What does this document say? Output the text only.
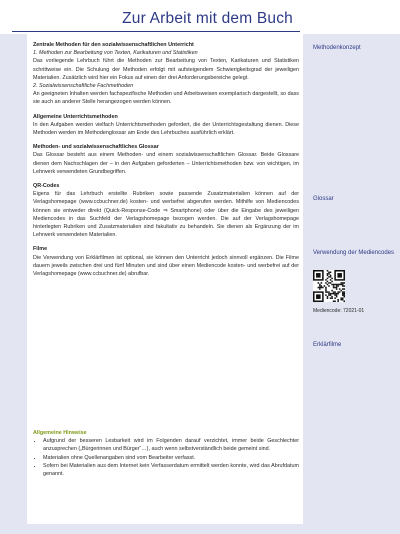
Zur Arbeit mit dem Buch
Zentrale Methoden für den sozialwissenschaftlichen Unterricht

1. Methoden zur Bearbeitung von Texten, Karikaturen und Statistiken

Das vorliegende Lehrbuch führt die Methoden zur Bearbeitung von Texten, Karikaturen und Statistiken schrittweise ein. Die Schulung der Methoden erfolgt mit aufsteigendem Schwierigkeitsgrad der jeweiligen Materialien. Zusätzlich wird hier ein Fokus auf einen der drei Anforderungsbereiche gelegt.

2. Sozialwissenschaftliche Fachmethoden

An geeigneten Inhalten werden fachspezifische Methoden und Arbeitsweisen exemplarisch dargestellt, so dass sie auch an anderer Stelle herangezogen werden können.

Allgemeine Unterrichtsmethoden

In den Aufgaben werden vielfach Unterrichtsmethoden gefordert, die der Unterrichtsgestaltung dienen. Diese Methoden werden im Methodenglossar am Ende des Lehrbuches ausführlich erklärt.

Methoden- und sozialwissenschaftliches Glossar

Das Glossar besteht aus einem Methoden- und einem sozialwissenschaftlichen Glossar. Beide Glossare dienen dem Nachschlagen der – in den Aufgaben geforderten – Unterrichtsmethoden bzw. von wichtigen, im Lehrwerk verwendeten Grundbegriffen.

QR-Codes

Eigens für das Lehrbuch erstellte Rubriken sowie passende Zusatzmaterialien können auf der Verlagshomepage (www.ccbuchner.de) kosten- und werbefrei abgerufen werden. Mithilfe von Mediencodes können sie entweder direkt (Quick-Response-Code ⇒ Smartphone) oder über die Eingabe des jeweiligen Mediencodes in das Suchfeld der Verlagshomepage bezogen werden. Die auf der Verlagshomepage hinterlegten Rubriken und Zusatzmaterialien sind fakultativ zu behandeln. Sie dienen als Ergänzung der im Lehrwerk verwendeten Materialien.

Filme

Die Verwendung von Erklärfilmen ist optional, sie können den Unterricht jedoch sinnvoll ergänzen. Die Filme dauern jeweils zwischen drei und fünf Minuten und sind über einen Mediencode kosten- und werbefrei auf der Verlagshomepage (www.ccbuchner.de) abrufbar.

Allgemeine Hinweise
• Aufgrund der besseren Lesbarkeit wird im Folgenden darauf verzichtet, immer beide Geschlechter anzusprechen („Bürgerinnen und Bürger“…), auch wenn selbstverständlich beide gemeint sind.
• Materialien ohne Quellenangaben sind vom Bearbeiter verfasst.
• Sofern bei Materialien aus dem Internet kein Verfasserdatum ermittelt werden konnte, wird das Abrufdatum genannt.
Methodenkonzept
Glossar
Verwendung der Mediencodes
Mediencode: 72021-01
Erklärfilme
